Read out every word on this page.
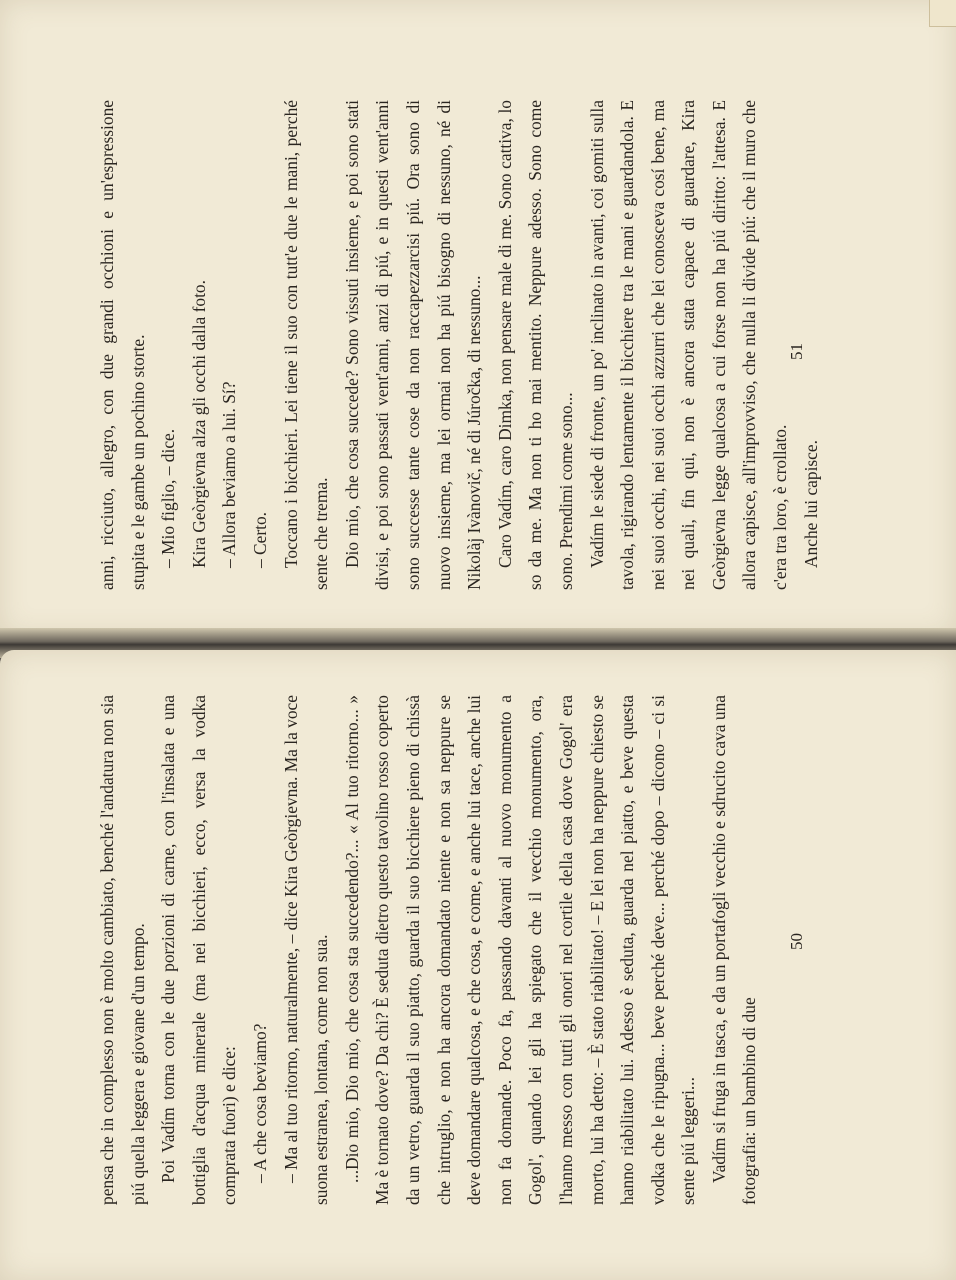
anni, ricciuto, allegro, con due grandi occhioni e un'espressione stupita e le gambe un pochino storte. – Mio figlio, – dice. Kira Geòrgievna alza gli occhi dalla foto. – Allora beviamo a lui. Sí? – Certo. Toccano i bicchieri. Lei tiene il suo con tutt'e due le mani, perché sente che trema. Dio mio, che cosa succede? Sono vissuti insieme, e poi sono stati divisi, e poi sono passati vent'anni, anzi di piú, e in questi vent'anni sono successe tante cose da non raccapezzarcisi piú. Ora sono di nuovo insieme, ma lei ormai non ha piú bisogno di nessuno, né di Nikolàj Ivànovič, né di Júročka, di nessuno... Caro Vadím, caro Dimka, non pensare male di me. Sono cattiva, lo so da me. Ma non ti ho mai mentito. Neppure adesso. Sono come sono. Prendimi come sono... Vadím le siede di fronte, un po' inclinato in avanti, coi gomiti sulla tavola, rigirando lentamente il bicchiere tra le mani e guardandola. E nei suoi occhi, nei suoi occhi azzurri che lei conosceva cosí bene, ma nei quali, fin qui, non è ancora stata capace di guardare, Kira Geòrgievna legge qualcosa a cui forse non ha piú diritto: l'attesa. E allora capisce, all'improvviso, che nulla li divide piú: che il muro che c'era tra loro, è crollato. Anche lui capisce.

51

pensa che in complesso non è molto cambiato, benché l'andatura non sia piú quella leggera e giovane d'un tempo. Poi Vadím torna con le due porzioni di carne, con l'insalata e una bottiglia d'acqua minerale (ma nei bicchieri, ecco, versa la vodka comprata fuori) e dice: – A che cosa beviamo? – Ma al tuo ritorno, naturalmente, – dice Kira Geòrgievna. Ma la voce suona estranea, lontana, come non sua. ...Dio mio, Dio mio, che cosa sta succedendo?... « Al tuo ritorno... » Ma è tornato dove? Da chi? È seduta dietro questo tavolino rosso coperto da un vetro, guarda il suo piatto, guarda il suo bicchiere pieno di chissà che intruglio, e non ha ancora domandato niente e non sa neppure se deve domandare qualcosa, e che cosa, e come, e anche lui tace, anche lui non fa domande. Poco fa, passando davanti al nuovo monumento a Gogol', quando lei gli ha spiegato che il vecchio monumento, ora, l'hanno messo con tutti gli onori nel cortile della casa dove Gogol' era morto, lui ha detto: – È stato riabilitato! – E lei non ha neppure chiesto se hanno riabilitato lui. Adesso è seduta, guarda nel piatto, e beve questa vodka che le ripugna... beve perché deve... perché dopo – dicono – ci si sente piú leggeri... Vadím si fruga in tasca, e da un portafogli vecchio e sdrucito cava una fotografia: un bambino di due

50
